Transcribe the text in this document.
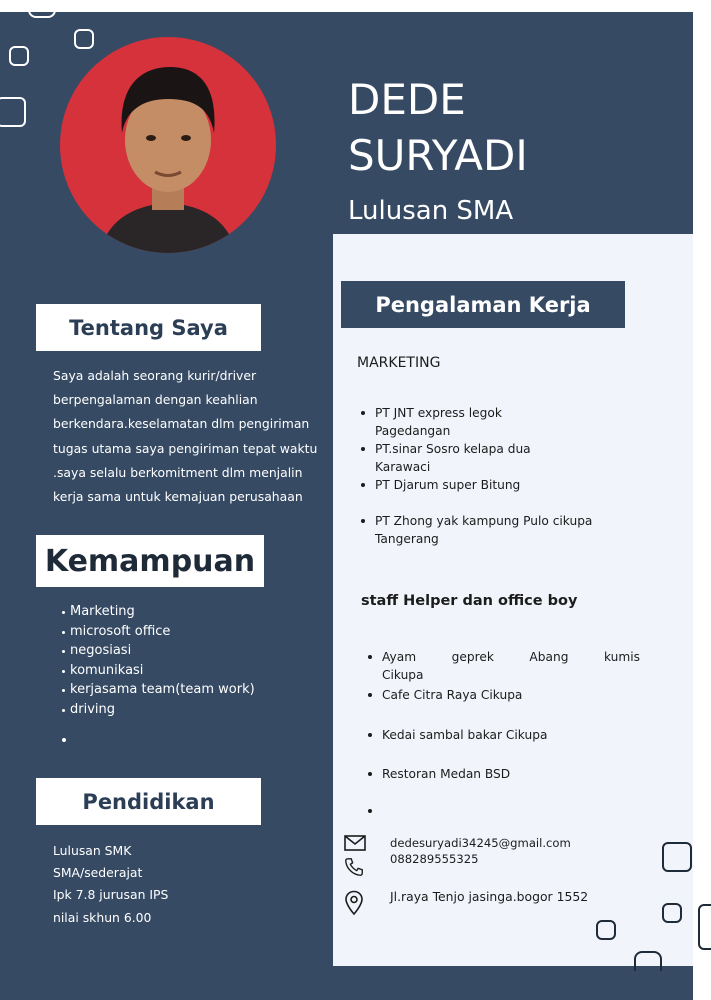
DEDE
SURYADI
Lulusan SMA
Tentang Saya

Saya adalah seorang kurir/driver berpengalaman dengan keahlian berkendara.keselamatan dlm pengiriman tugas utama saya pengiriman tepat waktu .saya selalu berkomitment dlm menjalin kerja sama untuk kemajuan perusahaan

Kemampuan
Marketing
microsoft office
negosiasi
komunikasi
kerjasama team(team work)
driving
Pendidikan
Lulusan SMK
SMA/sederajat
Ipk 7.8 jurusan IPS
nilai skhun 6.00
Pengalaman Kerja
MARKETING
PT JNT express legok Pagedangan
PT.sinar Sosro kelapa dua Karawaci
PT Djarum super Bitung
PT Zhong yak kampung Pulo cikupa Tangerang
staff Helper dan office boy
Ayam geprek Abang kumis Cikupa
Cafe Citra Raya Cikupa
Kedai sambal bakar Cikupa
Restoran Medan BSD
dedesuryadi34245@gmail.com
088289555325
Jl.raya Tenjo jasinga.bogor 1552
